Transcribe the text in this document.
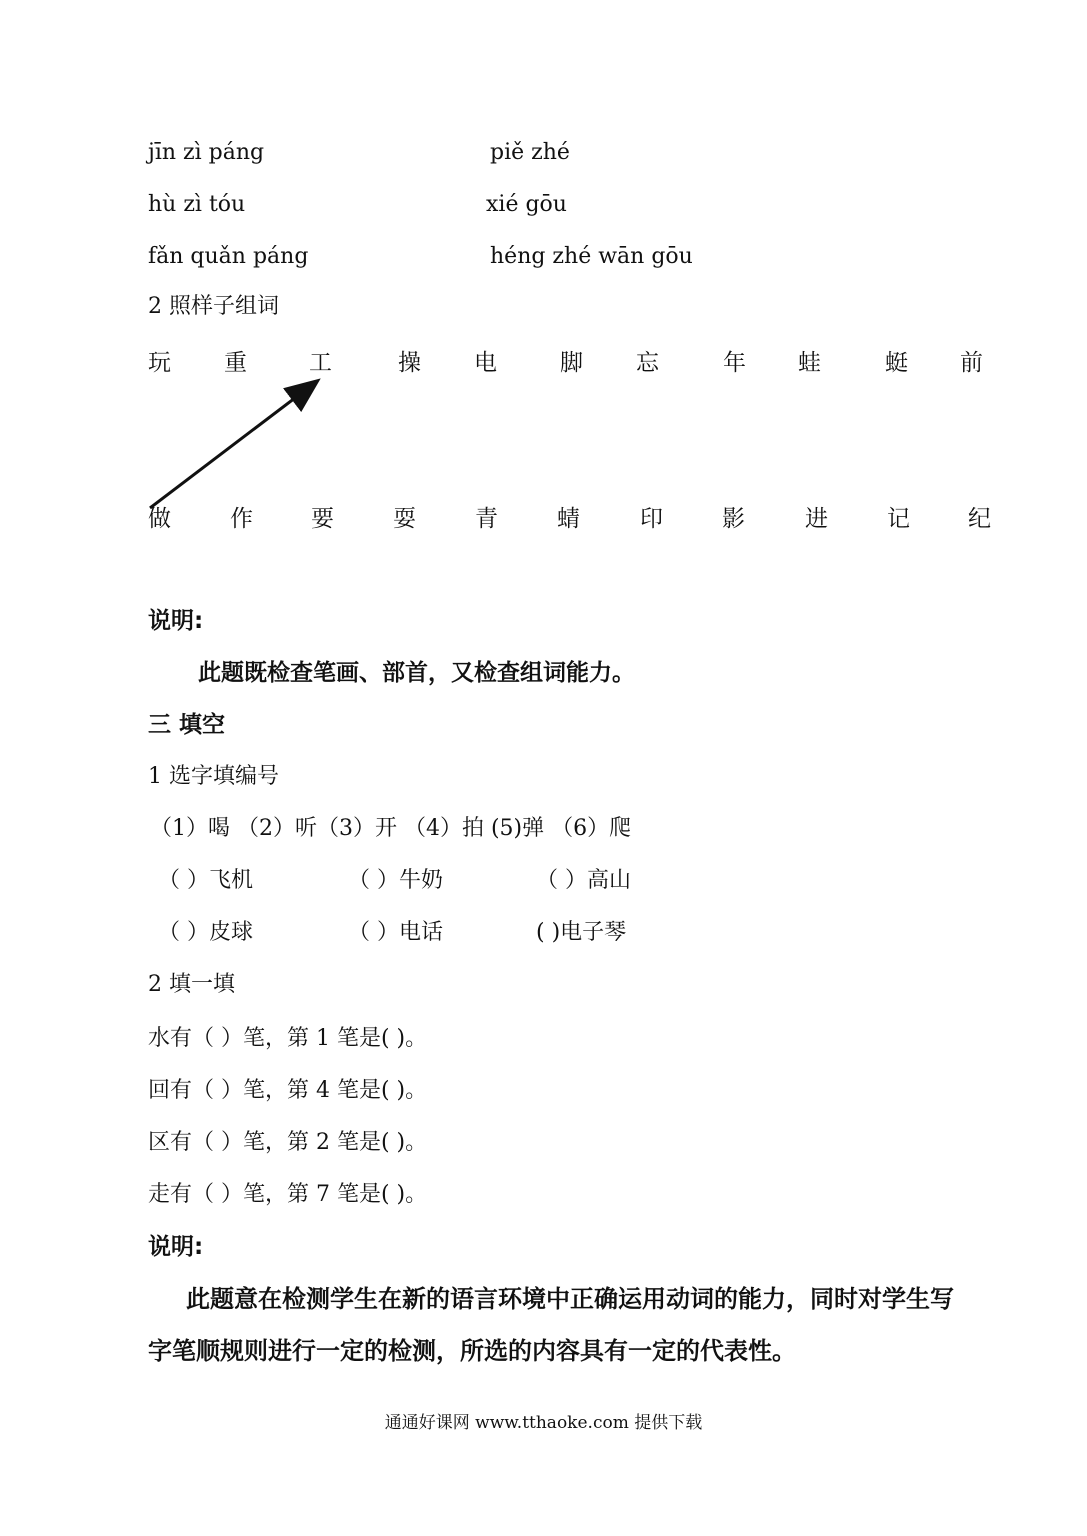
jīn zì páng	piě zhé
hù zì tóu	xié gōu
fǎn quǎn páng	héng zhé wān gōu
2 照样子组词
玩 重	工	操 电	脚 忘	年 蛙	蜓 前
做	作	要	耍	青	蜻	印	影	进	记	纪
说明:
此题既检查笔画、部首，又检查组词能力。
三 填空
1 选字填编号
（1）喝 （2）听（3）开 （4）拍 (5)弹 （6）爬
（ ）飞机	（ ）牛奶	（ ）高山
（ ）皮球	（ ）电话	( )电子琴
2 填一填
水有（ ）笔，第 1 笔是( )。
回有（ ）笔，第 4 笔是( )。
区有（ ）笔，第 2 笔是( )。
走有（ ）笔，第 7 笔是( )。
说明:
此题意在检测学生在新的语言环境中正确运用动词的能力，同时对学生写
字笔顺规则进行一定的检测，所选的内容具有一定的代表性。
通通好课网 www.tthaoke.com 提供下载
